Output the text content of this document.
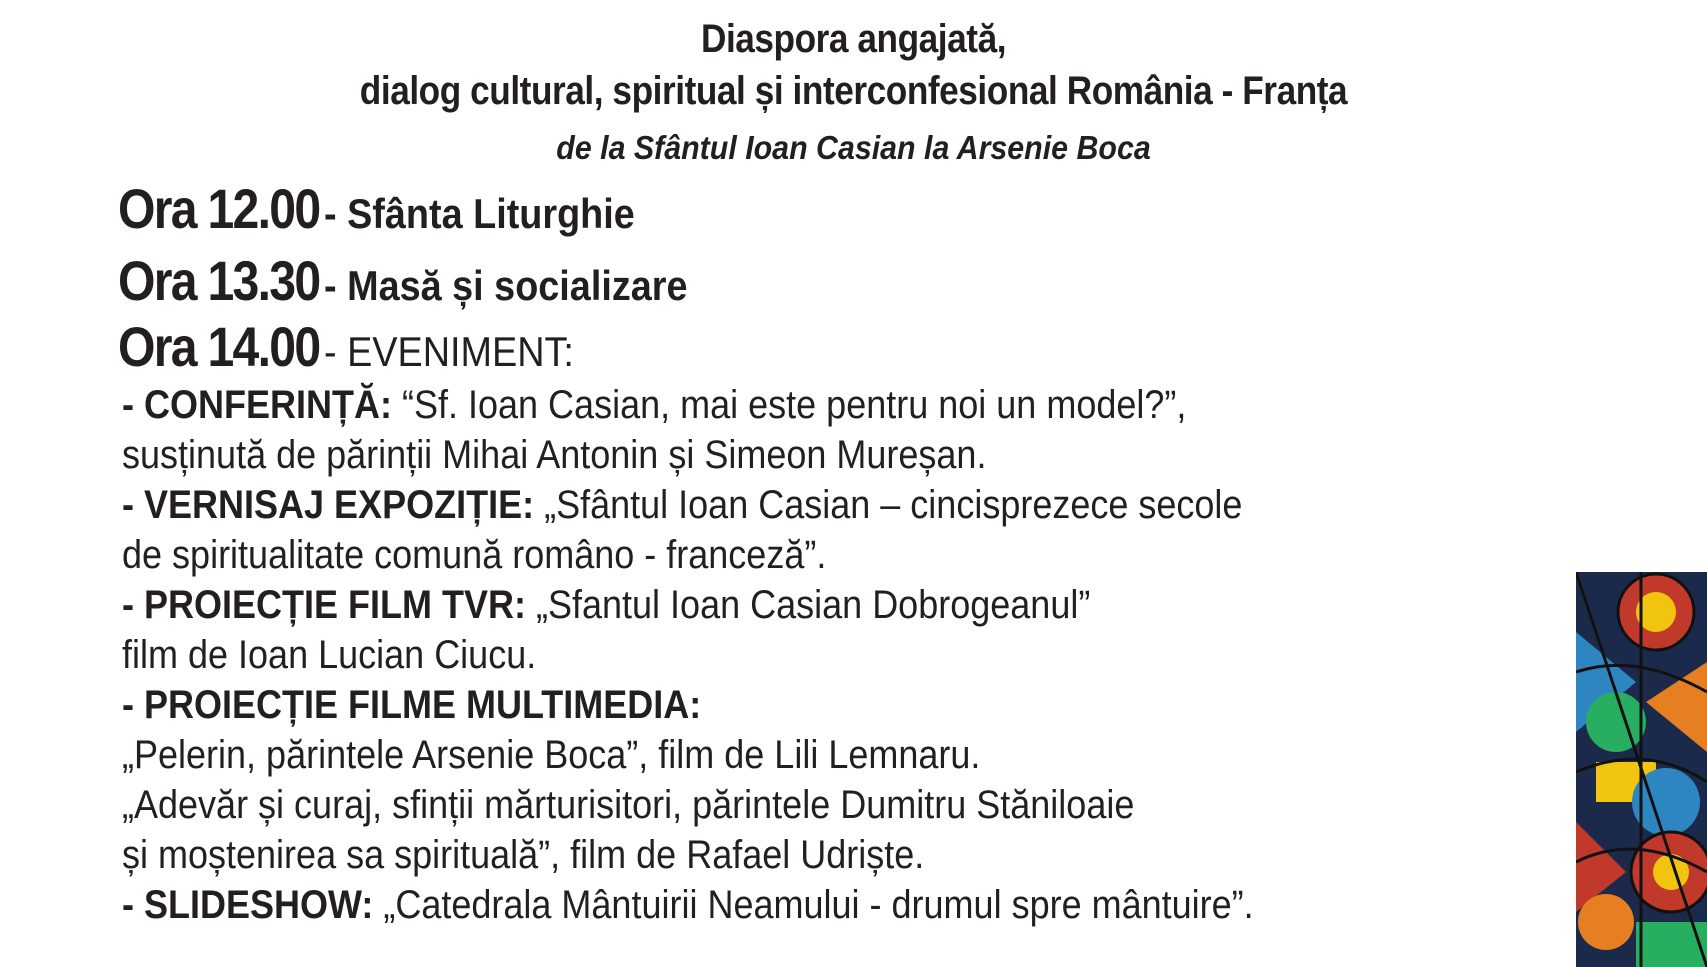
Diaspora angajată,
dialog cultural, spiritual și interconfesional România - Franța
de la Sfântul Ioan Casian la Arsenie Boca
Ora 12.00- Sfânta Liturghie
Ora 13.30- Masă și socializare
Ora 14.00- EVENIMENT:
- CONFERINȚĂ: “Sf. Ioan Casian, mai este pentru noi un model?”,
susținută de părinții Mihai Antonin și Simeon Mureșan.
- VERNISAJ EXPOZIȚIE: „Sfântul Ioan Casian – cincisprezece secole
de spiritualitate comună româno - franceză”.
- PROIECȚIE FILM TVR: „Sfantul Ioan Casian Dobrogeanul”
film de Ioan Lucian Ciucu.
- PROIECȚIE FILME MULTIMEDIA:
„Pelerin, părintele Arsenie Boca”, film de Lili Lemnaru.
„Adevăr și curaj, sfinții mărturisitori, părintele Dumitru Stăniloaie
și moștenirea sa spirituală”, film de Rafael Udriște.
- SLIDESHOW: „Catedrala Mântuirii Neamului - drumul spre mântuire”.
